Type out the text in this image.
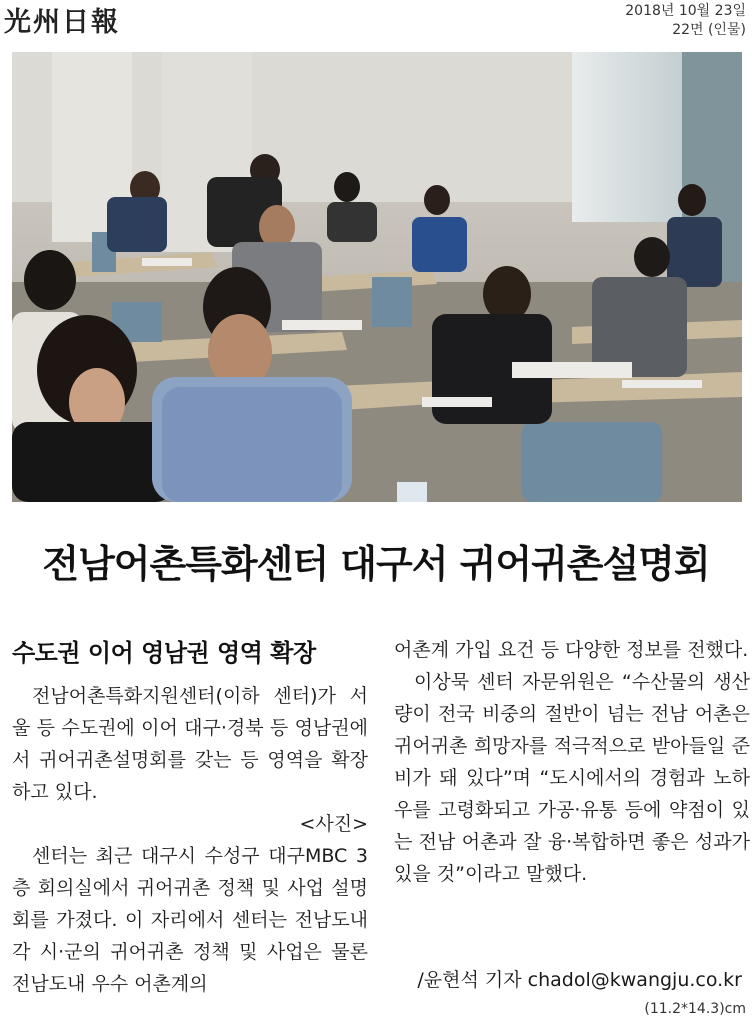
光州日報	2018년 10월 23일
22면 (인물)
전남어촌특화센터 대구서 귀어귀촌설명회
수도권 이어 영남권 영역 확장

전남어촌특화지원센터(이하 센터)가 서울 등 수도권에 이어 대구·경북 등 영남권에서 귀어귀촌설명회를 갖는 등 영역을 확장하고 있다.
<사진>

센터는 최근 대구시 수성구 대구MBC 3층 회의실에서 귀어귀촌 정책 및 사업 설명회를 가졌다. 이 자리에서 센터는 전남도내 각 시·군의 귀어귀촌 정책 및 사업은 물론 전남도내 우수 어촌계의

어촌계 가입 요건 등 다양한 정보를 전했다.

이상묵 센터 자문위원은 “수산물의 생산량이 전국 비중의 절반이 넘는 전남 어촌은 귀어귀촌 희망자를 적극적으로 받아들일 준비가 돼 있다”며 “도시에서의 경험과 노하우를 고령화되고 가공·유통 등에 약점이 있는 전남 어촌과 잘 융·복합하면 좋은 성과가 있을 것”이라고 말했다.

/윤현석 기자 chadol@kwangju.co.kr
(11.2*14.3)cm
